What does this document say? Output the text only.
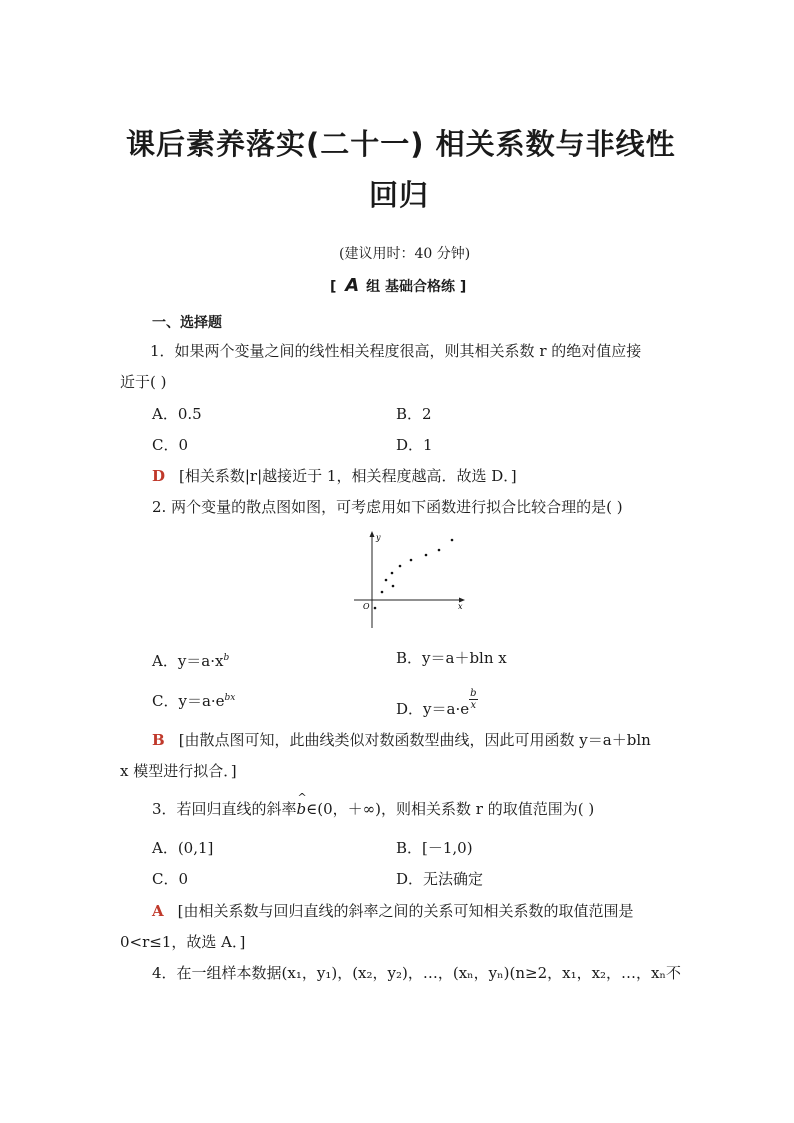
课后素养落实(二十一) 相关系数与非线性
回归
(建议用时：40 分钟)
[ A 组 基础合格练 ]
一、选择题
1．如果两个变量之间的线性相关程度很高，则其相关系数 r 的绝对值应接
近于( )
A．0.5	B．2
C．0	D．1
D [相关系数|r|越接近于 1，相关程度越高．故选 D．]
2. 两个变量的散点图如图，可考虑用如下函数进行拟合比较合理的是( )
y
x
O
A．$y=a\cdot x^b$	B．y＝a＋bln x
C．$y=a\cdot e^{bx}$
D．$y=a\cdot e \frac{b}{x}$
B [由散点图可知，此曲线类似对数函数型曲线，因此可用函数 y＝a＋bln
x 模型进行拟合．]
3．若回归直线的斜率
^
b∈(0，＋∞)，则相关系数 r 的取值范围为( )
A．(0,1]	B．[－1,0)
C．0	D．无法确定
A [由相关系数与回归直线的斜率之间的关系可知相关系数的取值范围是
0<r≤1，故选 A．]
4．在一组样本数据(x₁，y₁)，(x₂，y₂)，…，(xₙ，yₙ)(n≥2，x₁，x₂，…，xₙ不
